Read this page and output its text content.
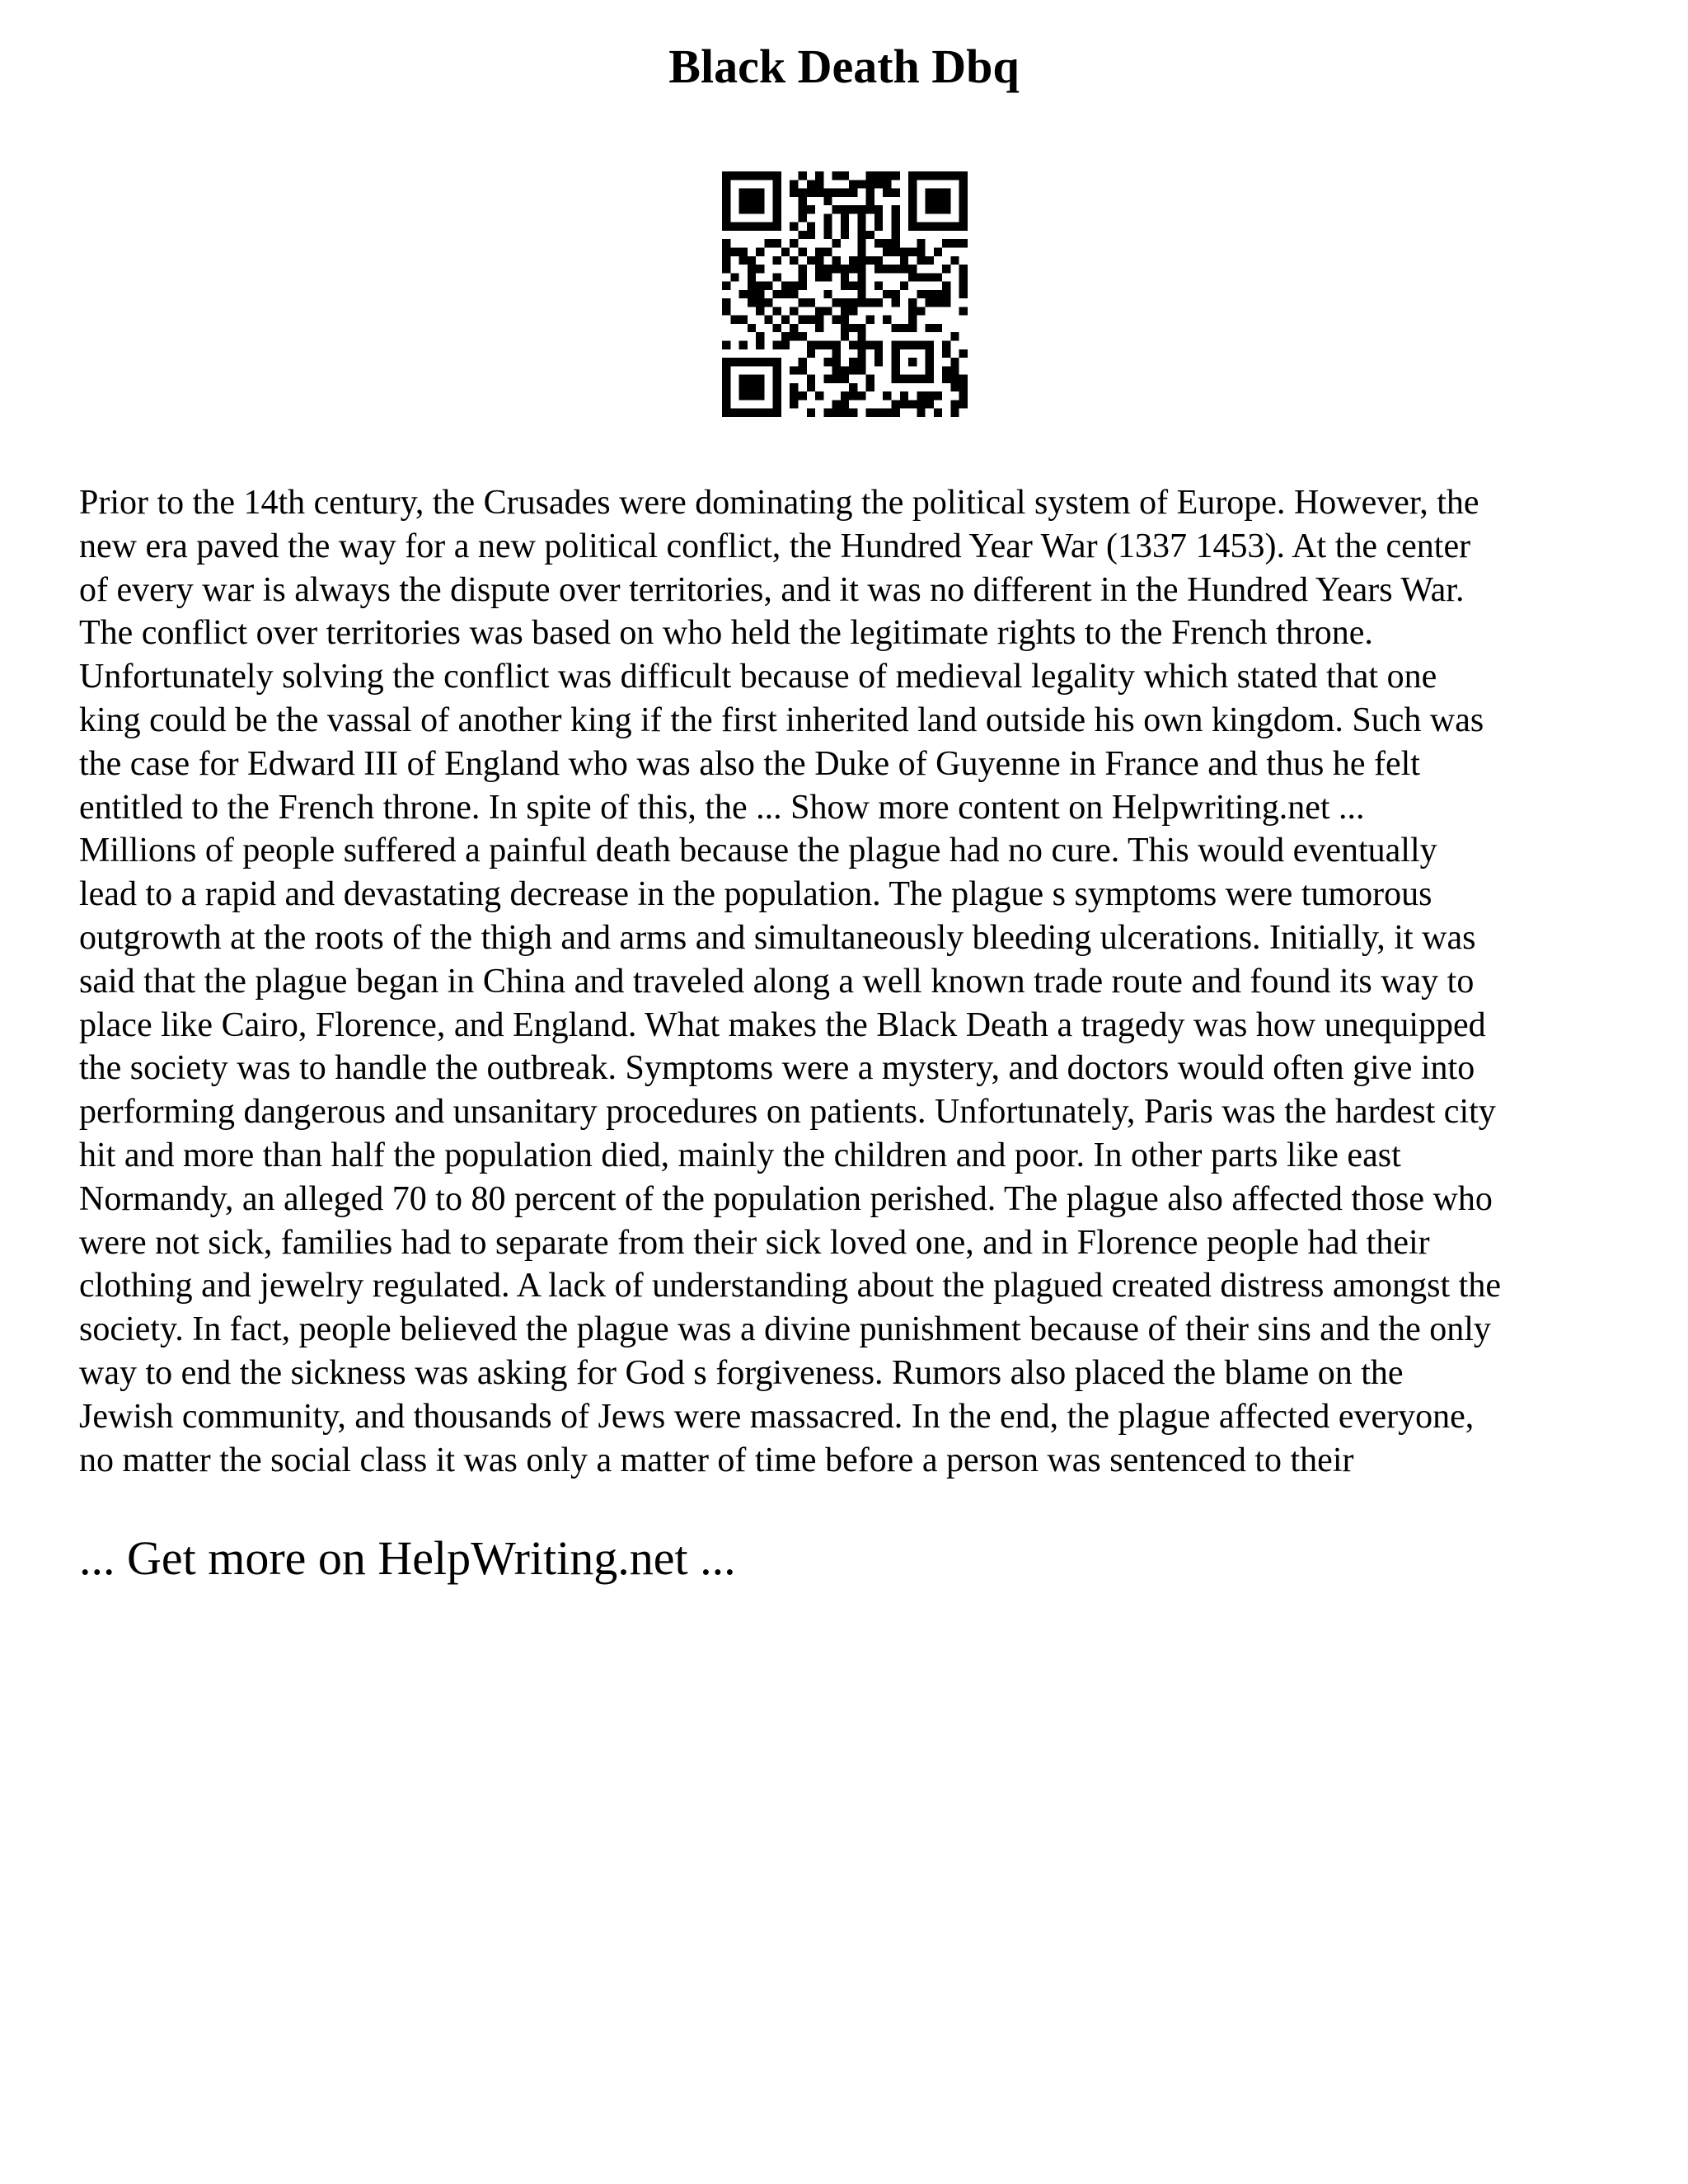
Black Death Dbq
Prior to the 14th century, the Crusades were dominating the political system of Europe. However, the
new era paved the way for a new political conflict, the Hundred Year War (1337 1453). At the center
of every war is always the dispute over territories, and it was no different in the Hundred Years War.
The conflict over territories was based on who held the legitimate rights to the French throne.
Unfortunately solving the conflict was difficult because of medieval legality which stated that one
king could be the vassal of another king if the first inherited land outside his own kingdom. Such was
the case for Edward III of England who was also the Duke of Guyenne in France and thus he felt
entitled to the French throne. In spite of this, the ... Show more content on Helpwriting.net ...
Millions of people suffered a painful death because the plague had no cure. This would eventually
lead to a rapid and devastating decrease in the population. The plague s symptoms were tumorous
outgrowth at the roots of the thigh and arms and simultaneously bleeding ulcerations. Initially, it was
said that the plague began in China and traveled along a well known trade route and found its way to
place like Cairo, Florence, and England. What makes the Black Death a tragedy was how unequipped
the society was to handle the outbreak. Symptoms were a mystery, and doctors would often give into
performing dangerous and unsanitary procedures on patients. Unfortunately, Paris was the hardest city
hit and more than half the population died, mainly the children and poor. In other parts like east
Normandy, an alleged 70 to 80 percent of the population perished. The plague also affected those who
were not sick, families had to separate from their sick loved one, and in Florence people had their
clothing and jewelry regulated. A lack of understanding about the plagued created distress amongst the
society. In fact, people believed the plague was a divine punishment because of their sins and the only
way to end the sickness was asking for God s forgiveness. Rumors also placed the blame on the
Jewish community, and thousands of Jews were massacred. In the end, the plague affected everyone,
no matter the social class it was only a matter of time before a person was sentenced to their

... Get more on HelpWriting.net ...
